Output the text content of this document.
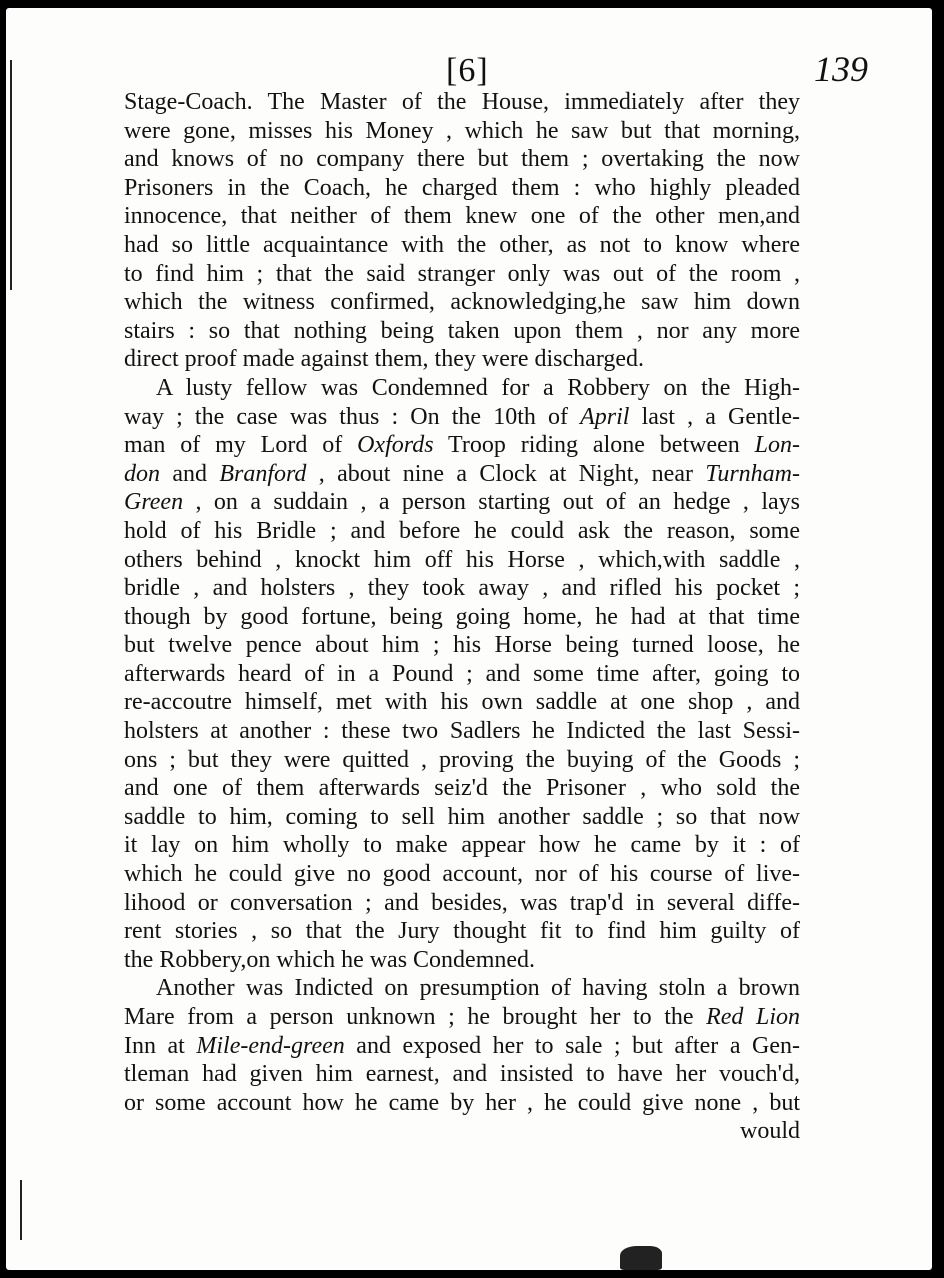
[6]	139
Stage-Coach. The Master of the House, immediately after they
were gone, misses his Money , which he saw but that morning,
and knows of no company there but them ; overtaking the now
Prisoners in the Coach, he charged them : who highly pleaded
innocence, that neither of them knew one of the other men,and
had so little acquaintance with the other, as not to know where
to find him ; that the said stranger only was out of the room ,
which the witness confirmed, acknowledging,he saw him down
stairs : so that nothing being taken upon them , nor any more
direct proof made against them, they were discharged.
A lusty fellow was Condemned for a Robbery on the High-
way ; the case was thus : On the 10th of April last , a Gentle-
man of my Lord of Oxfords Troop riding alone between Lon-
don and Branford , about nine a Clock at Night, near Turnham-
Green , on a suddain , a person starting out of an hedge , lays
hold of his Bridle ; and before he could ask the reason, some
others behind , knockt him off his Horse , which,with saddle ,
bridle , and holsters , they took away , and rifled his pocket ;
though by good fortune, being going home, he had at that time
but twelve pence about him ; his Horse being turned loose, he
afterwards heard of in a Pound ; and some time after, going to
re-accoutre himself, met with his own saddle at one shop , and
holsters at another : these two Sadlers he Indicted the last Sessi-
ons ; but they were quitted , proving the buying of the Goods ;
and one of them afterwards seiz'd the Prisoner , who sold the
saddle to him, coming to sell him another saddle ; so that now
it lay on him wholly to make appear how he came by it : of
which he could give no good account, nor of his course of live-
lihood or conversation ; and besides, was trap'd in several diffe-
rent stories , so that the Jury thought fit to find him guilty of
the Robbery,on which he was Condemned.
Another was Indicted on presumption of having stoln a brown
Mare from a person unknown ; he brought her to the Red Lion
Inn at Mile-end-green and exposed her to sale ; but after a Gen-
tleman had given him earnest, and insisted to have her vouch'd,
or some account how he came by her , he could give none , but
would
